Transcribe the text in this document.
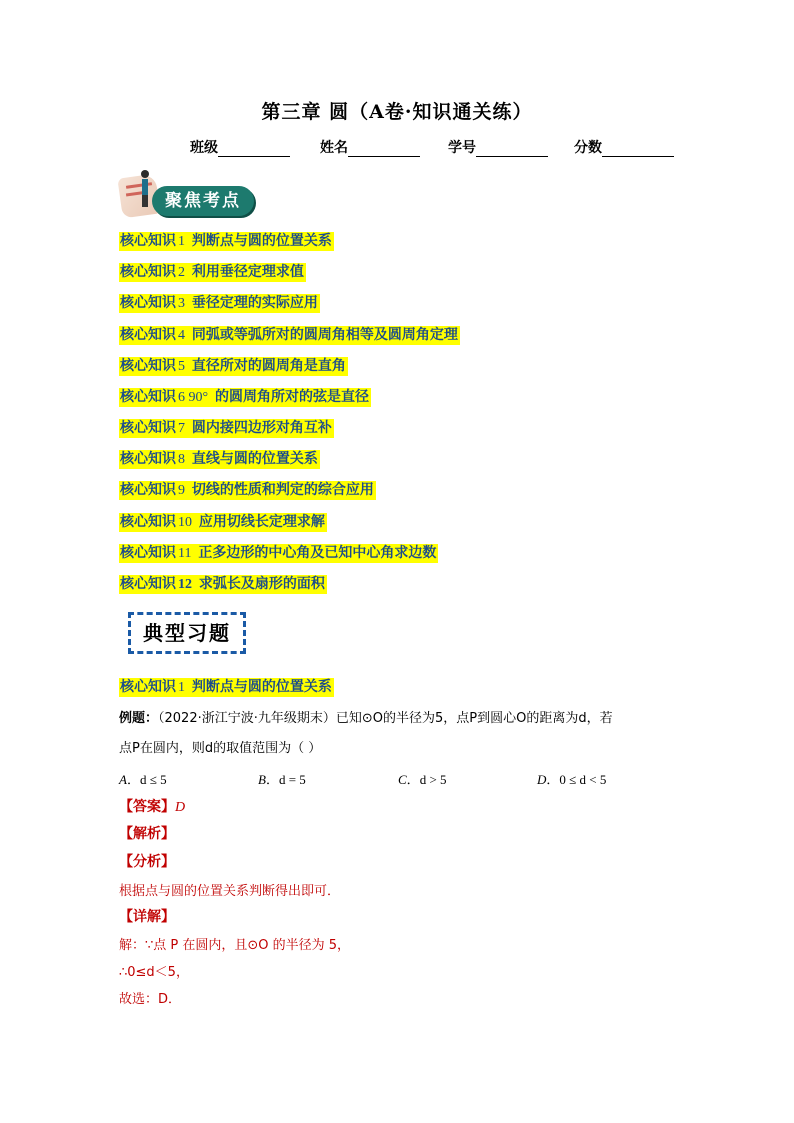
第三章 圆（A卷·知识通关练）
班级	姓名	学号	分数
聚焦考点
核心知识 1 判断点与圆的位置关系
核心知识 2 利用垂径定理求值
核心知识 3 垂径定理的实际应用
核心知识 4 同弧或等弧所对的圆周角相等及圆周角定理
核心知识 5 直径所对的圆周角是直角
核心知识 6 90° 的圆周角所对的弦是直径
核心知识 7 圆内接四边形对角互补
核心知识 8 直线与圆的位置关系
核心知识 9 切线的性质和判定的综合应用
核心知识 10 应用切线长定理求解
核心知识 11 正多边形的中心角及已知中心角求边数
核心知识 12 求弧长及扇形的面积
典型习题
核心知识 1 判断点与圆的位置关系
例题：（2022·浙江宁波·九年级期末）已知⊙O的半径为5，点P到圆心O的距离为d，若
点P在圆内，则d的取值范围为（ ）
A．d ≤ 5	B．d = 5	C．d > 5	D．0 ≤ d < 5
【答案】D
【解析】
【分析】
根据点与圆的位置关系判断得出即可．
【详解】
解：∵点 P 在圆内，且⊙O 的半径为 5，
∴0≤d＜5，
故选：D．
